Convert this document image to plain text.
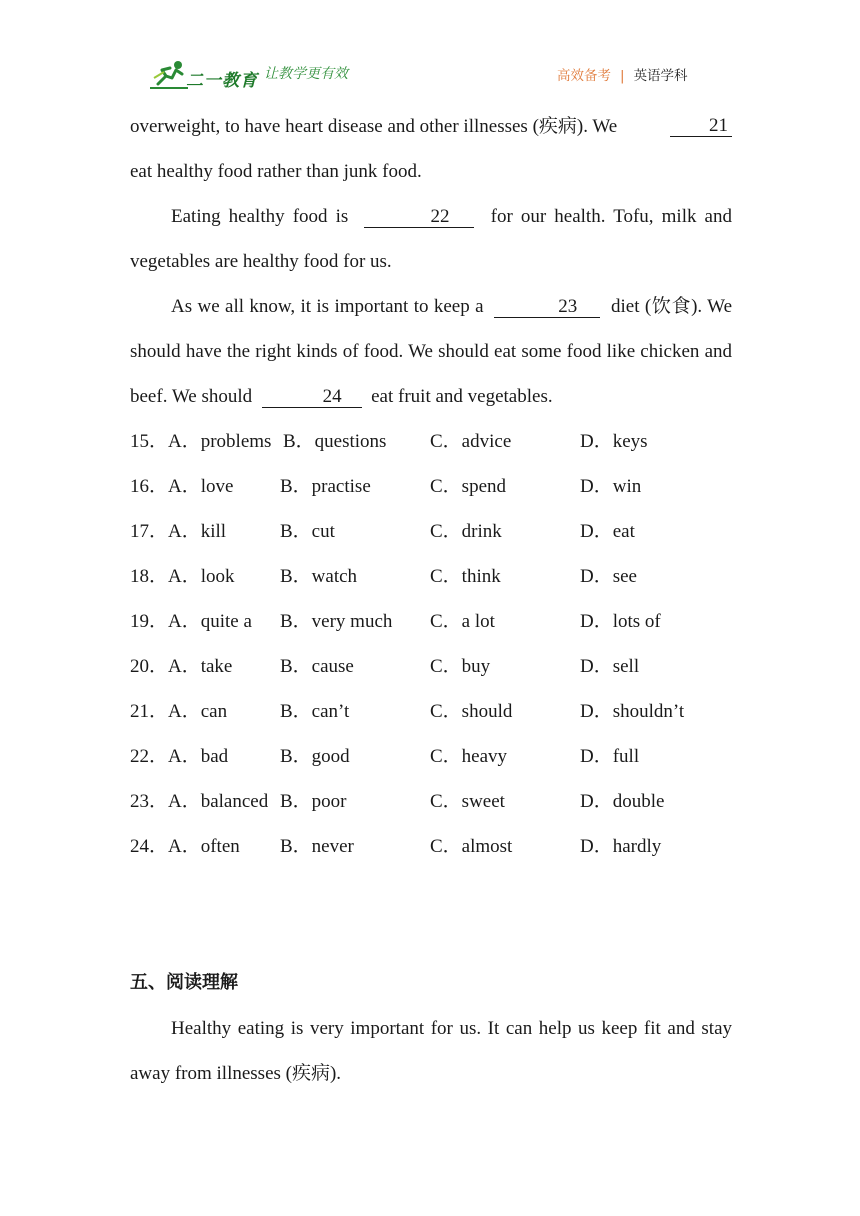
二一教育 让教学更有效	高效备考 | 英语学科

overweight, to have heart disease and other illnesses (疾病). We	21

eat healthy food rather than junk food.

Eating healthy food is	22 for our health. Tofu, milk and vegetables are healthy food for us.

As we all know, it is important to keep a	23 diet (饮食). We should have the right kinds of food. We should eat some food like chicken and beef. We should	24 eat fruit and vegetables.

15．A．problems B．questions C．advice	D．keys
16．A．love B．practise	C．spend	D．win
17．A．kill	B．cut	C．drink	D．eat
18．A．look B．watch	C．think	D．see
19．A．quite a B．very much C．a lot	D．lots of
20．A．take	B．cause	C．buy	D．sell
21．A．can	B．can’t	C．should	D．shouldn’t
22．A．bad	B．good	C．heavy	D．full
23．A．balanced B．poor	C．sweet	D．double
24．A．often B．never	C．almost	D．hardly
五、阅读理解

Healthy eating is very important for us. It can help us keep fit and stay away from illnesses (疾病).
